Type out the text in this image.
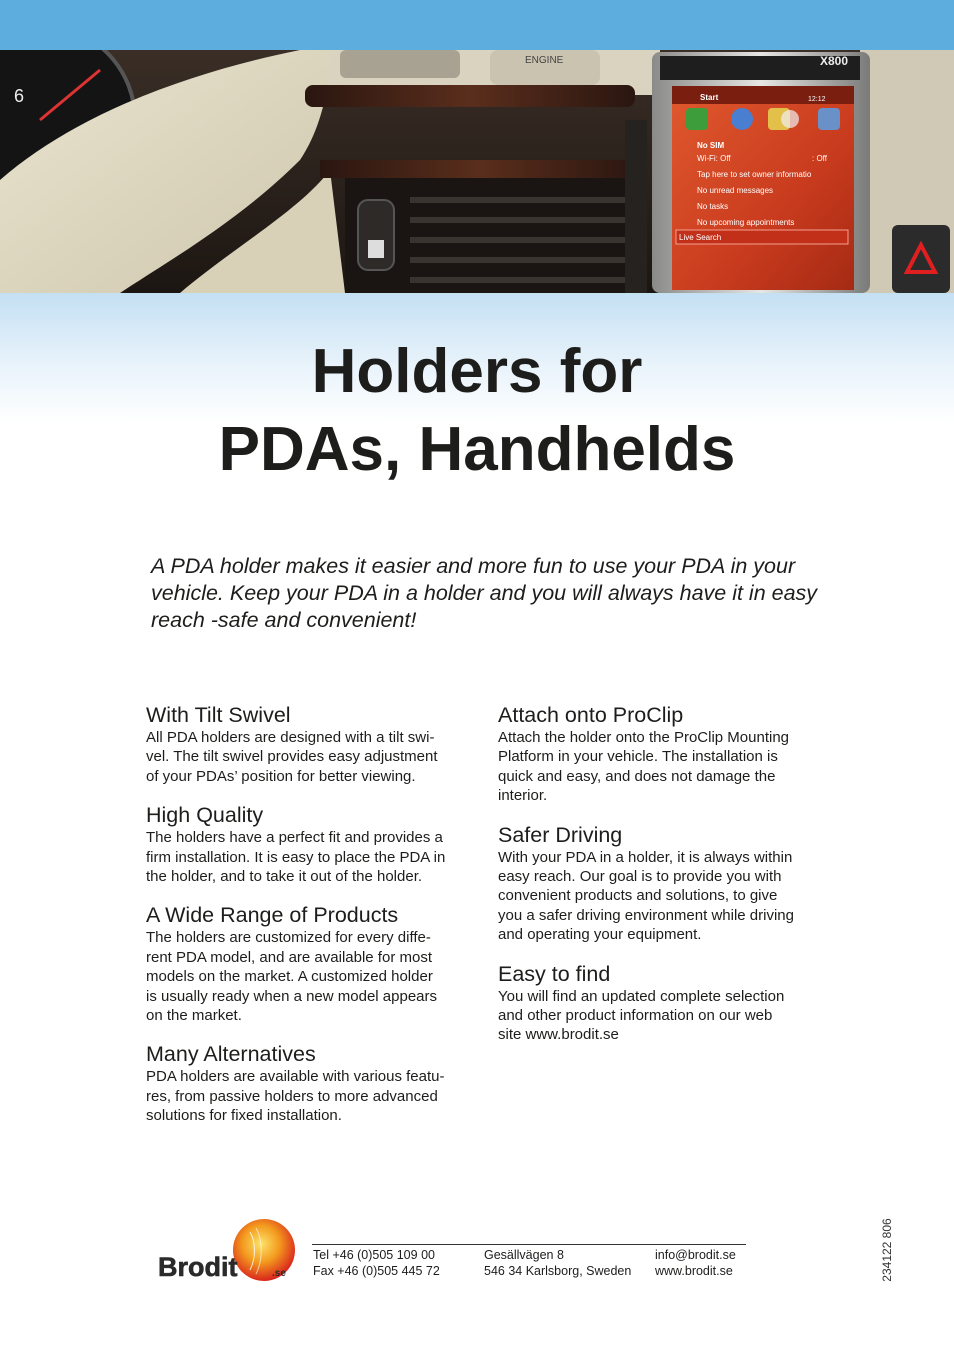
6
ENGINE	X800
Start	12:12
No SIM
Wi-Fi: Off	: Off
Tap here to set owner informatio
No unread messages
No tasks
No upcoming appointments
Live Search
Holders for
PDAs, Handhelds

A PDA holder makes it easier and more fun to use your PDA in your vehicle. Keep your PDA in a holder and you will always have it in easy reach -safe and convenient!

With Tilt Swivel

All PDA holders are designed with a tilt swi-
vel. The tilt swivel provides easy adjustment
of your PDAs’ position for better viewing.

High Quality

The holders have a perfect fit and provides a
firm installation. It is easy to place the PDA in
the holder, and to take it out of the holder.

A Wide Range of Products

The holders are customized for every diffe-
rent PDA model, and are available for most
models on the market. A customized holder
is usually ready when a new model appears
on the market.

Many Alternatives

PDA holders are available with various featu-
res, from passive holders to more advanced
solutions for fixed installation.

Attach onto ProClip

Attach the holder onto the ProClip Mounting
Platform in your vehicle. The installation is
quick and easy, and does not damage the
interior.

Safer Driving

With your PDA in a holder, it is always within
easy reach. Our goal is to provide you with
convenient products and solutions, to give
you a safer driving environment while driving
and operating your equipment.

Easy to find

You will find an updated complete selection
and other product information on our web
site www.brodit.se

Brodit	.se
Tel +46 (0)505 109 00
Fax +46 (0)505 445 72
Gesällvägen 8
546 34 Karlsborg, Sweden
info@brodit.se
www.brodit.se	234122 806
